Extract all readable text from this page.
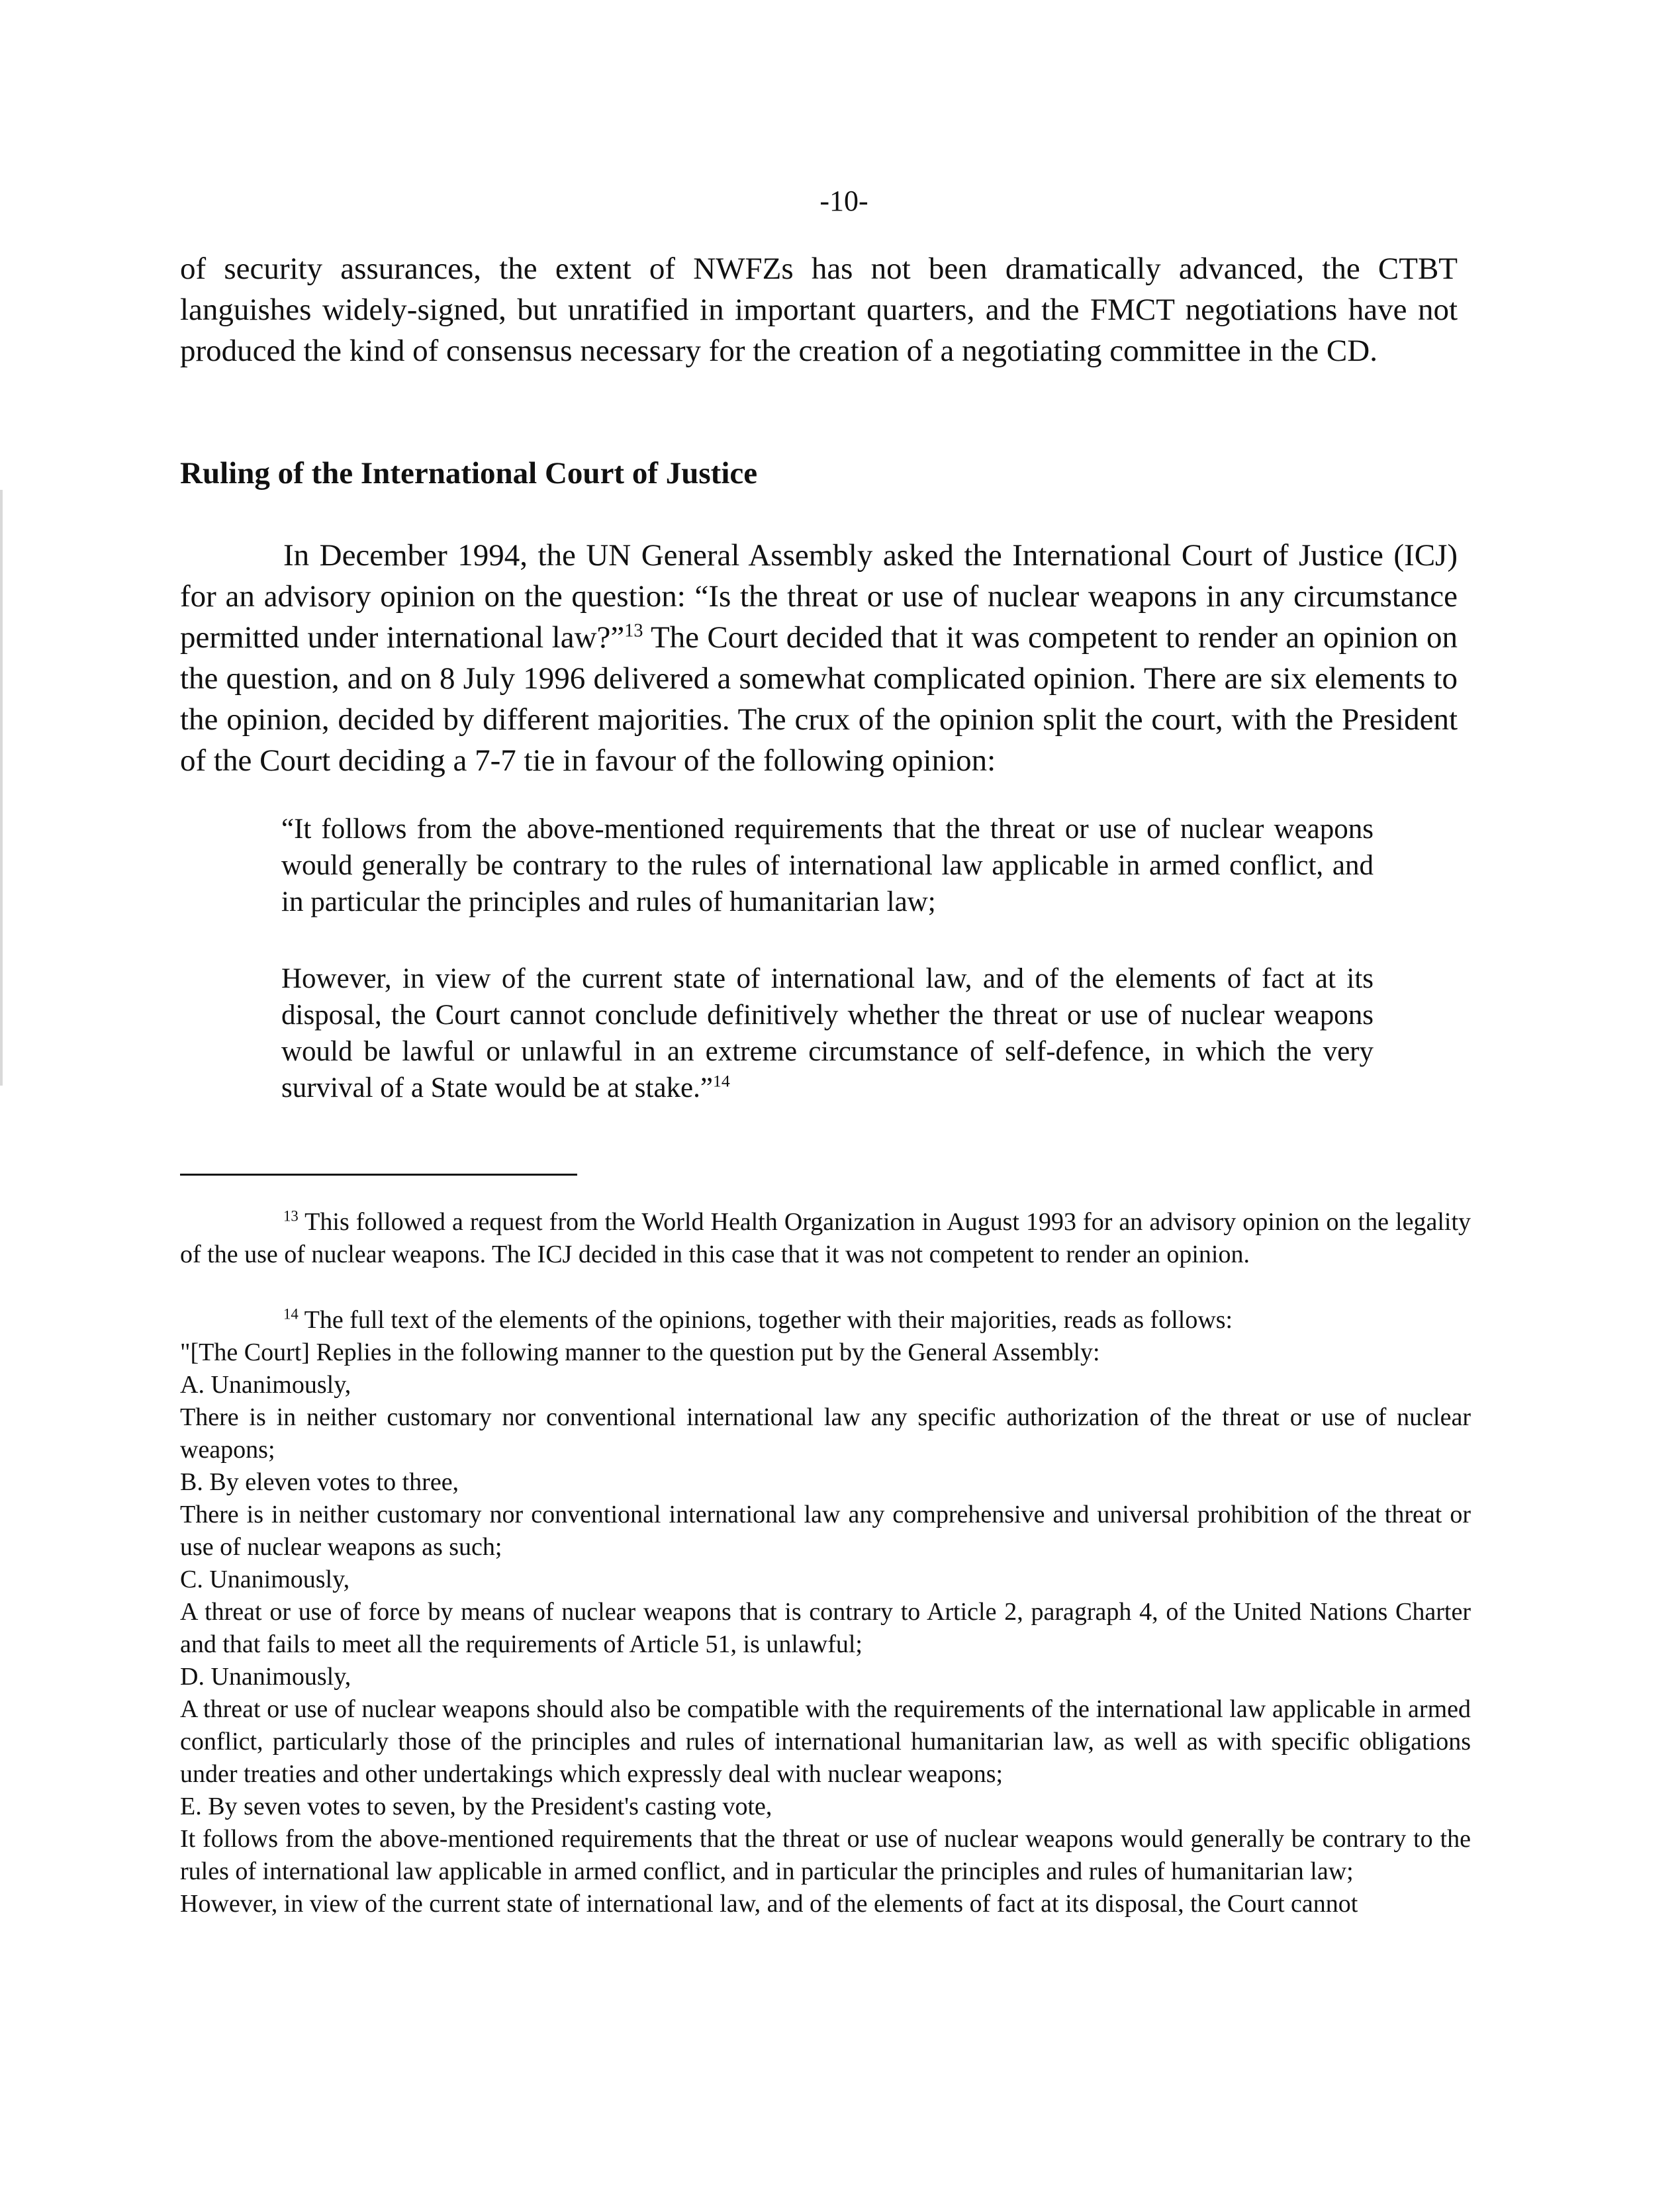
-10-
of security assurances, the extent of NWFZs has not been dramatically advanced, the CTBT languishes widely-signed, but unratified in important quarters, and the FMCT negotiations have not produced the kind of consensus necessary for the creation of a negotiating committee in the CD.
Ruling of the International Court of Justice
In December 1994, the UN General Assembly asked the International Court of Justice (ICJ) for an advisory opinion on the question: “Is the threat or use of nuclear weapons in any circumstance permitted under international law?”$^{13}$ The Court decided that it was competent to render an opinion on the question, and on 8 July 1996 delivered a somewhat complicated opinion. There are six elements to the opinion, decided by different majorities. The crux of the opinion split the court, with the President of the Court deciding a 7-7 tie in favour of the following opinion:
“It follows from the above-mentioned requirements that the threat or use of nuclear weapons would generally be contrary to the rules of international law applicable in armed conflict, and in particular the principles and rules of humanitarian law;
However, in view of the current state of international law, and of the elements of fact at its disposal, the Court cannot conclude definitively whether the threat or use of nuclear weapons would be lawful or unlawful in an extreme circumstance of self-defence, in which the very survival of a State would be at stake.”$^{14}$
$^{13}$ This followed a request from the World Health Organization in August 1993 for an advisory opinion on the legality of the use of nuclear weapons. The ICJ decided in this case that it was not competent to render an opinion.
$^{14}$ The full text of the elements of the opinions, together with their majorities, reads as follows:
"[The Court] Replies in the following manner to the question put by the General Assembly:
A. Unanimously,
There is in neither customary nor conventional international law any specific authorization of the threat or use of nuclear weapons;
B. By eleven votes to three,
There is in neither customary nor conventional international law any comprehensive and universal prohibition of the threat or use of nuclear weapons as such;
C. Unanimously,
A threat or use of force by means of nuclear weapons that is contrary to Article 2, paragraph 4, of the United Nations Charter and that fails to meet all the requirements of Article 51, is unlawful;
D. Unanimously,
A threat or use of nuclear weapons should also be compatible with the requirements of the international law applicable in armed conflict, particularly those of the principles and rules of international humanitarian law, as well as with specific obligations under treaties and other undertakings which expressly deal with nuclear weapons;
E. By seven votes to seven, by the President's casting vote,
It follows from the above-mentioned requirements that the threat or use of nuclear weapons would generally be contrary to the rules of international law applicable in armed conflict, and in particular the principles and rules of humanitarian law;
However, in view of the current state of international law, and of the elements of fact at its disposal, the Court cannot
